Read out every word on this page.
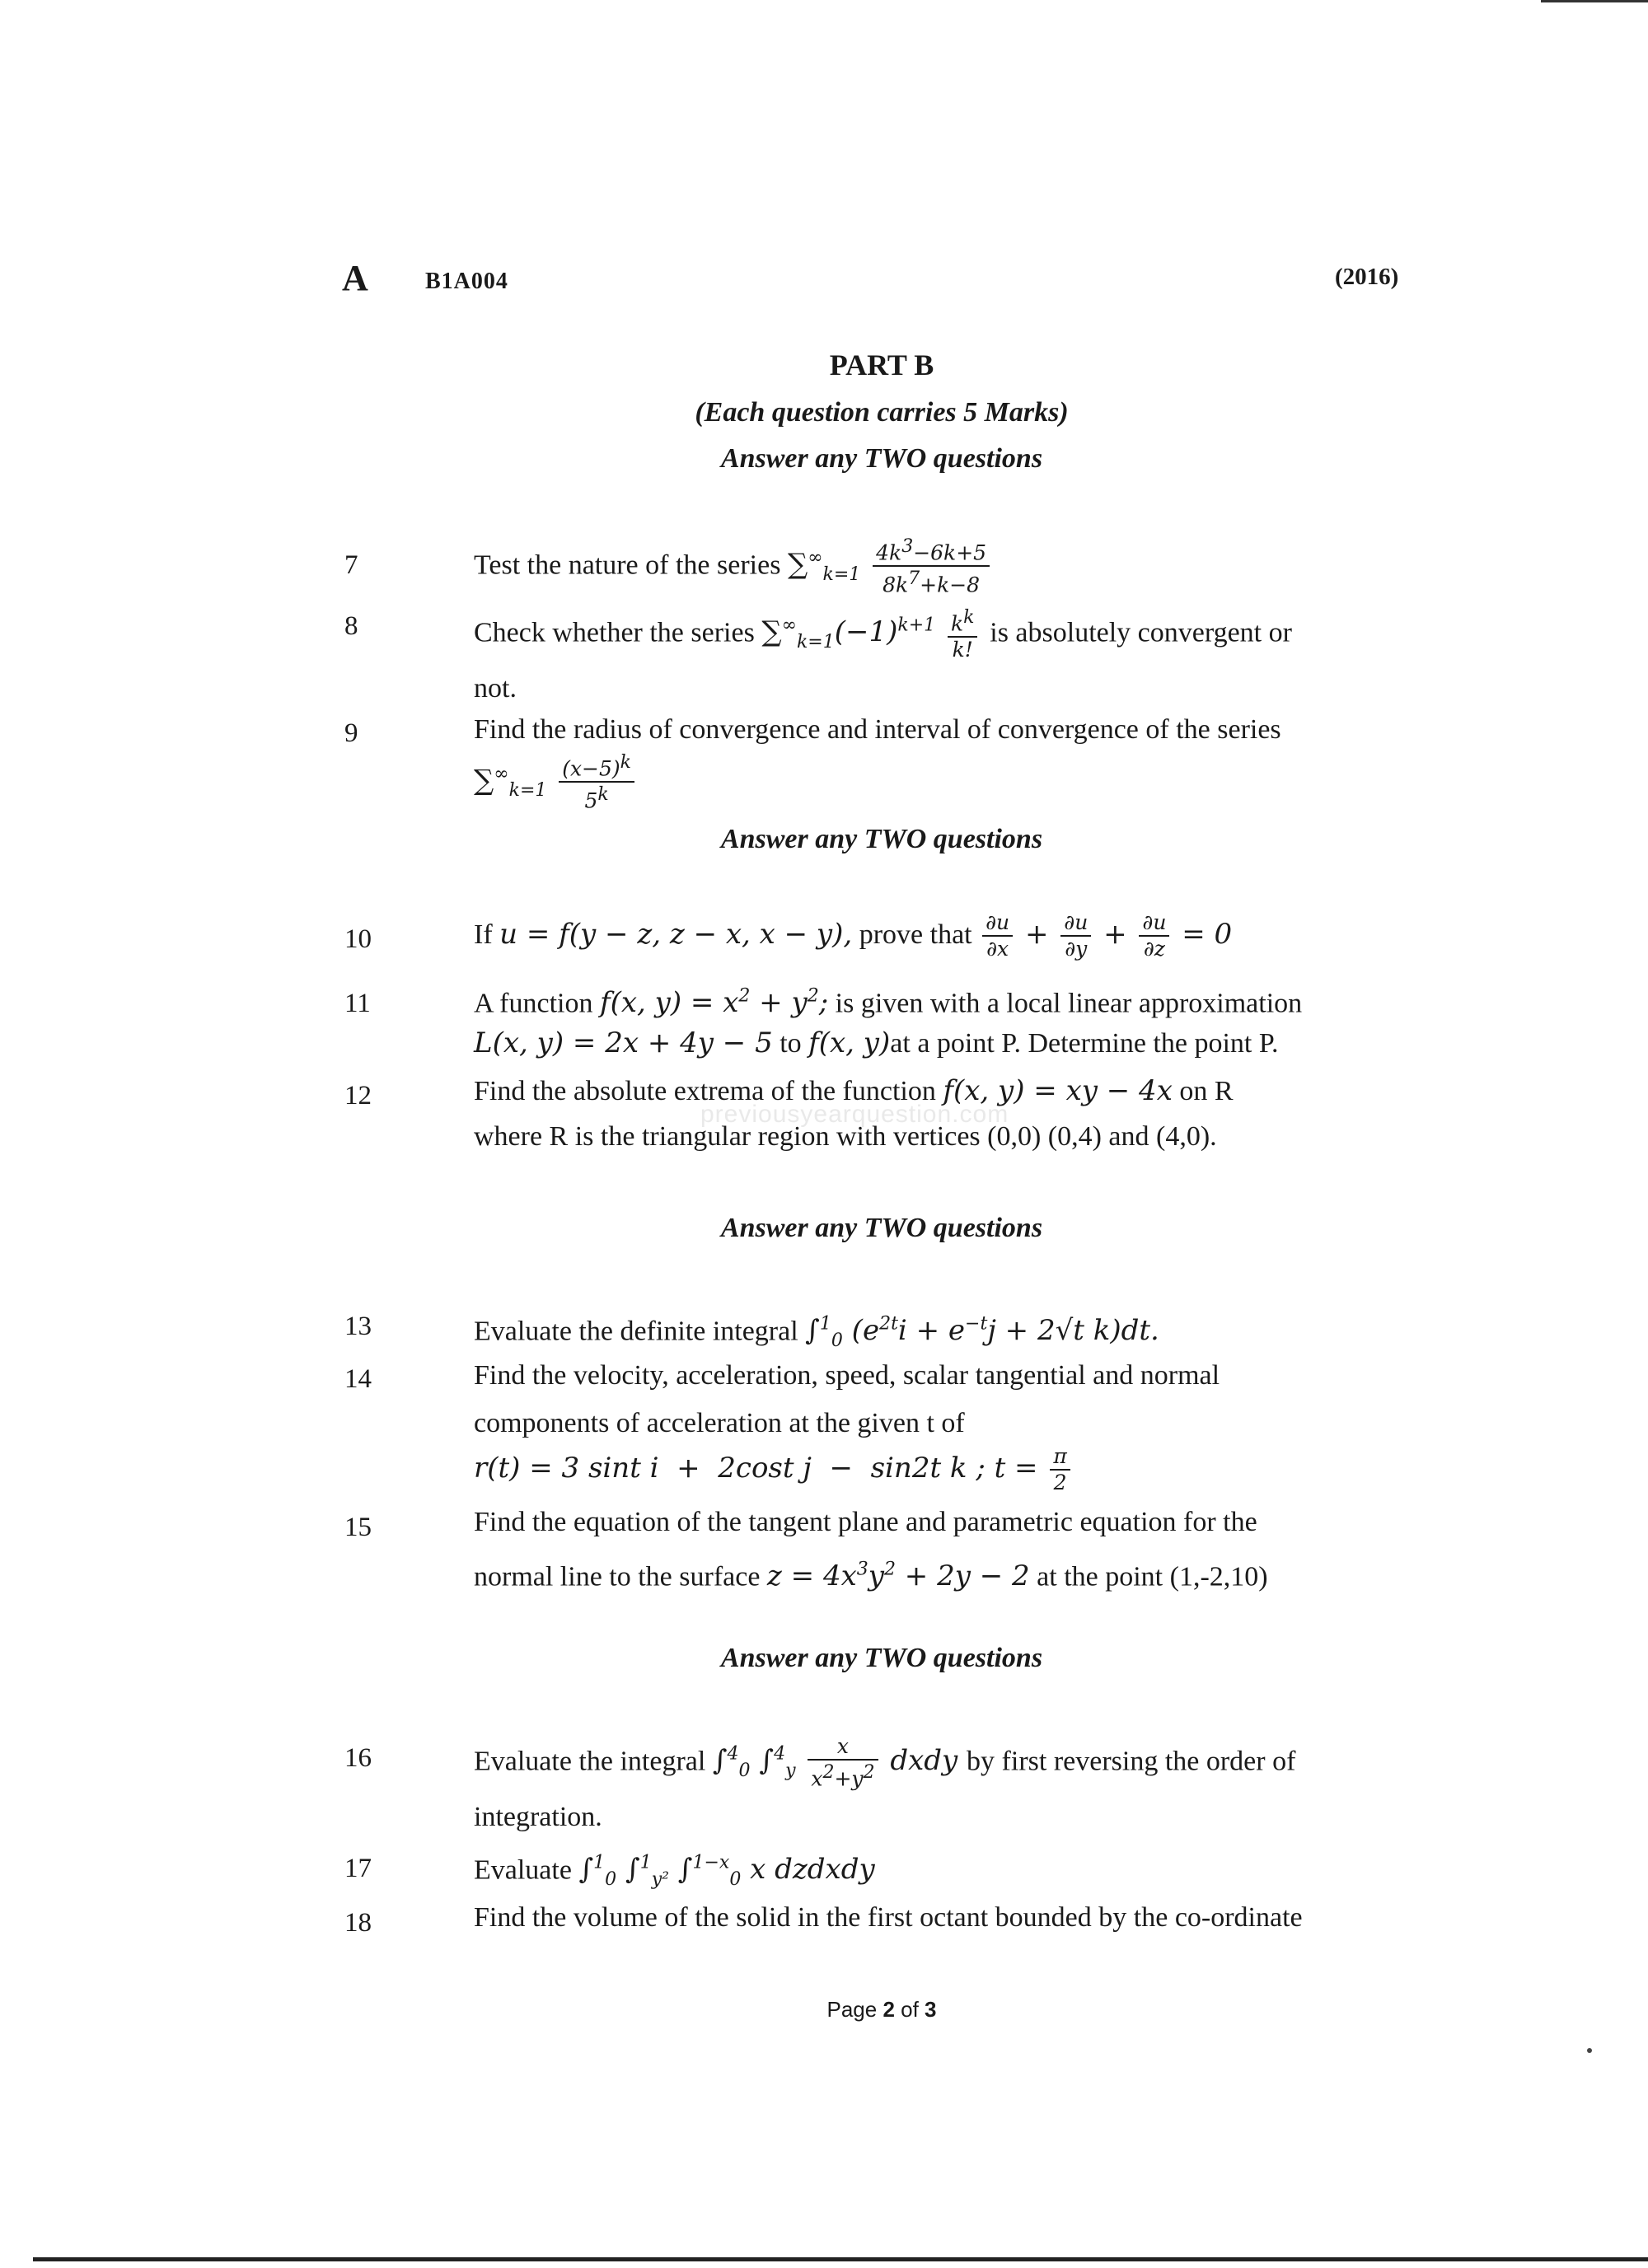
A B1A004	(2016)
PART B
(Each question carries 5 Marks)
Answer any TWO questions
7	Test the nature of the series $\sum^\infty_{k=1} \frac{4k^3-6k+5}{8k^7+k-8}$
8	Check whether the series $\sum^\infty_{k=1}(-1)^{k+1} \frac{k^k}{k!}$ is absolutely convergent or
not.
9	Find the radius of convergence and interval of convergence of the series
$\sum^\infty_{k=1} \frac{(x-5)^k}{5^k}$
Answer any TWO questions
10	If u = f(y − z, z − x, x − y), prove that $\frac{\partial u}{\partial x} + \frac{\partial u}{\partial y} + \frac{\partial u}{\partial z} = 0$
11	A function f(x, $y) = x^2 + y^2$; is given with a local linear approximation
L(x, y) = 2x + 4y − 5 to f(x, y)at a point P. Determine the point P.
12	Find the absolute extrema of the function f(x, y) = xy − 4x on R
where R is the triangular region with vertices (0,0) (0,4) and (4,0).
previousyearquestion.com
Answer any TWO questions
13	Evaluate the definite integral ∫$^1_0$ ($e^{2t}i + e^{-t}j + 2√t$ k)dt.
14	Find the velocity, acceleration, speed, scalar tangential and normal
components of acceleration at the given t of
r(t) = 3 sint i  +  2cost j  −  sin2t k ; $t = \frac{\pi}{2}$
15	Find the equation of the tangent plane and parametric equation for the
normal line to the surface $z = 4x^3y^2 + 2y - 2$ at the point (1,-2,10)
Answer any TWO questions
16	Evaluate the integral ∫$^4_0$ $\int^4_y \frac{x}{x^2+y^2}$ dxdy by first reversing the order of
integration.
17	Evaluate ∫$^1_0$ ∫$^1_{y^2}$ ∫$^{1-x}_0$ x dzdxdy
18	Find the volume of the solid in the first octant bounded by the co-ordinate
Page 2 of 3
